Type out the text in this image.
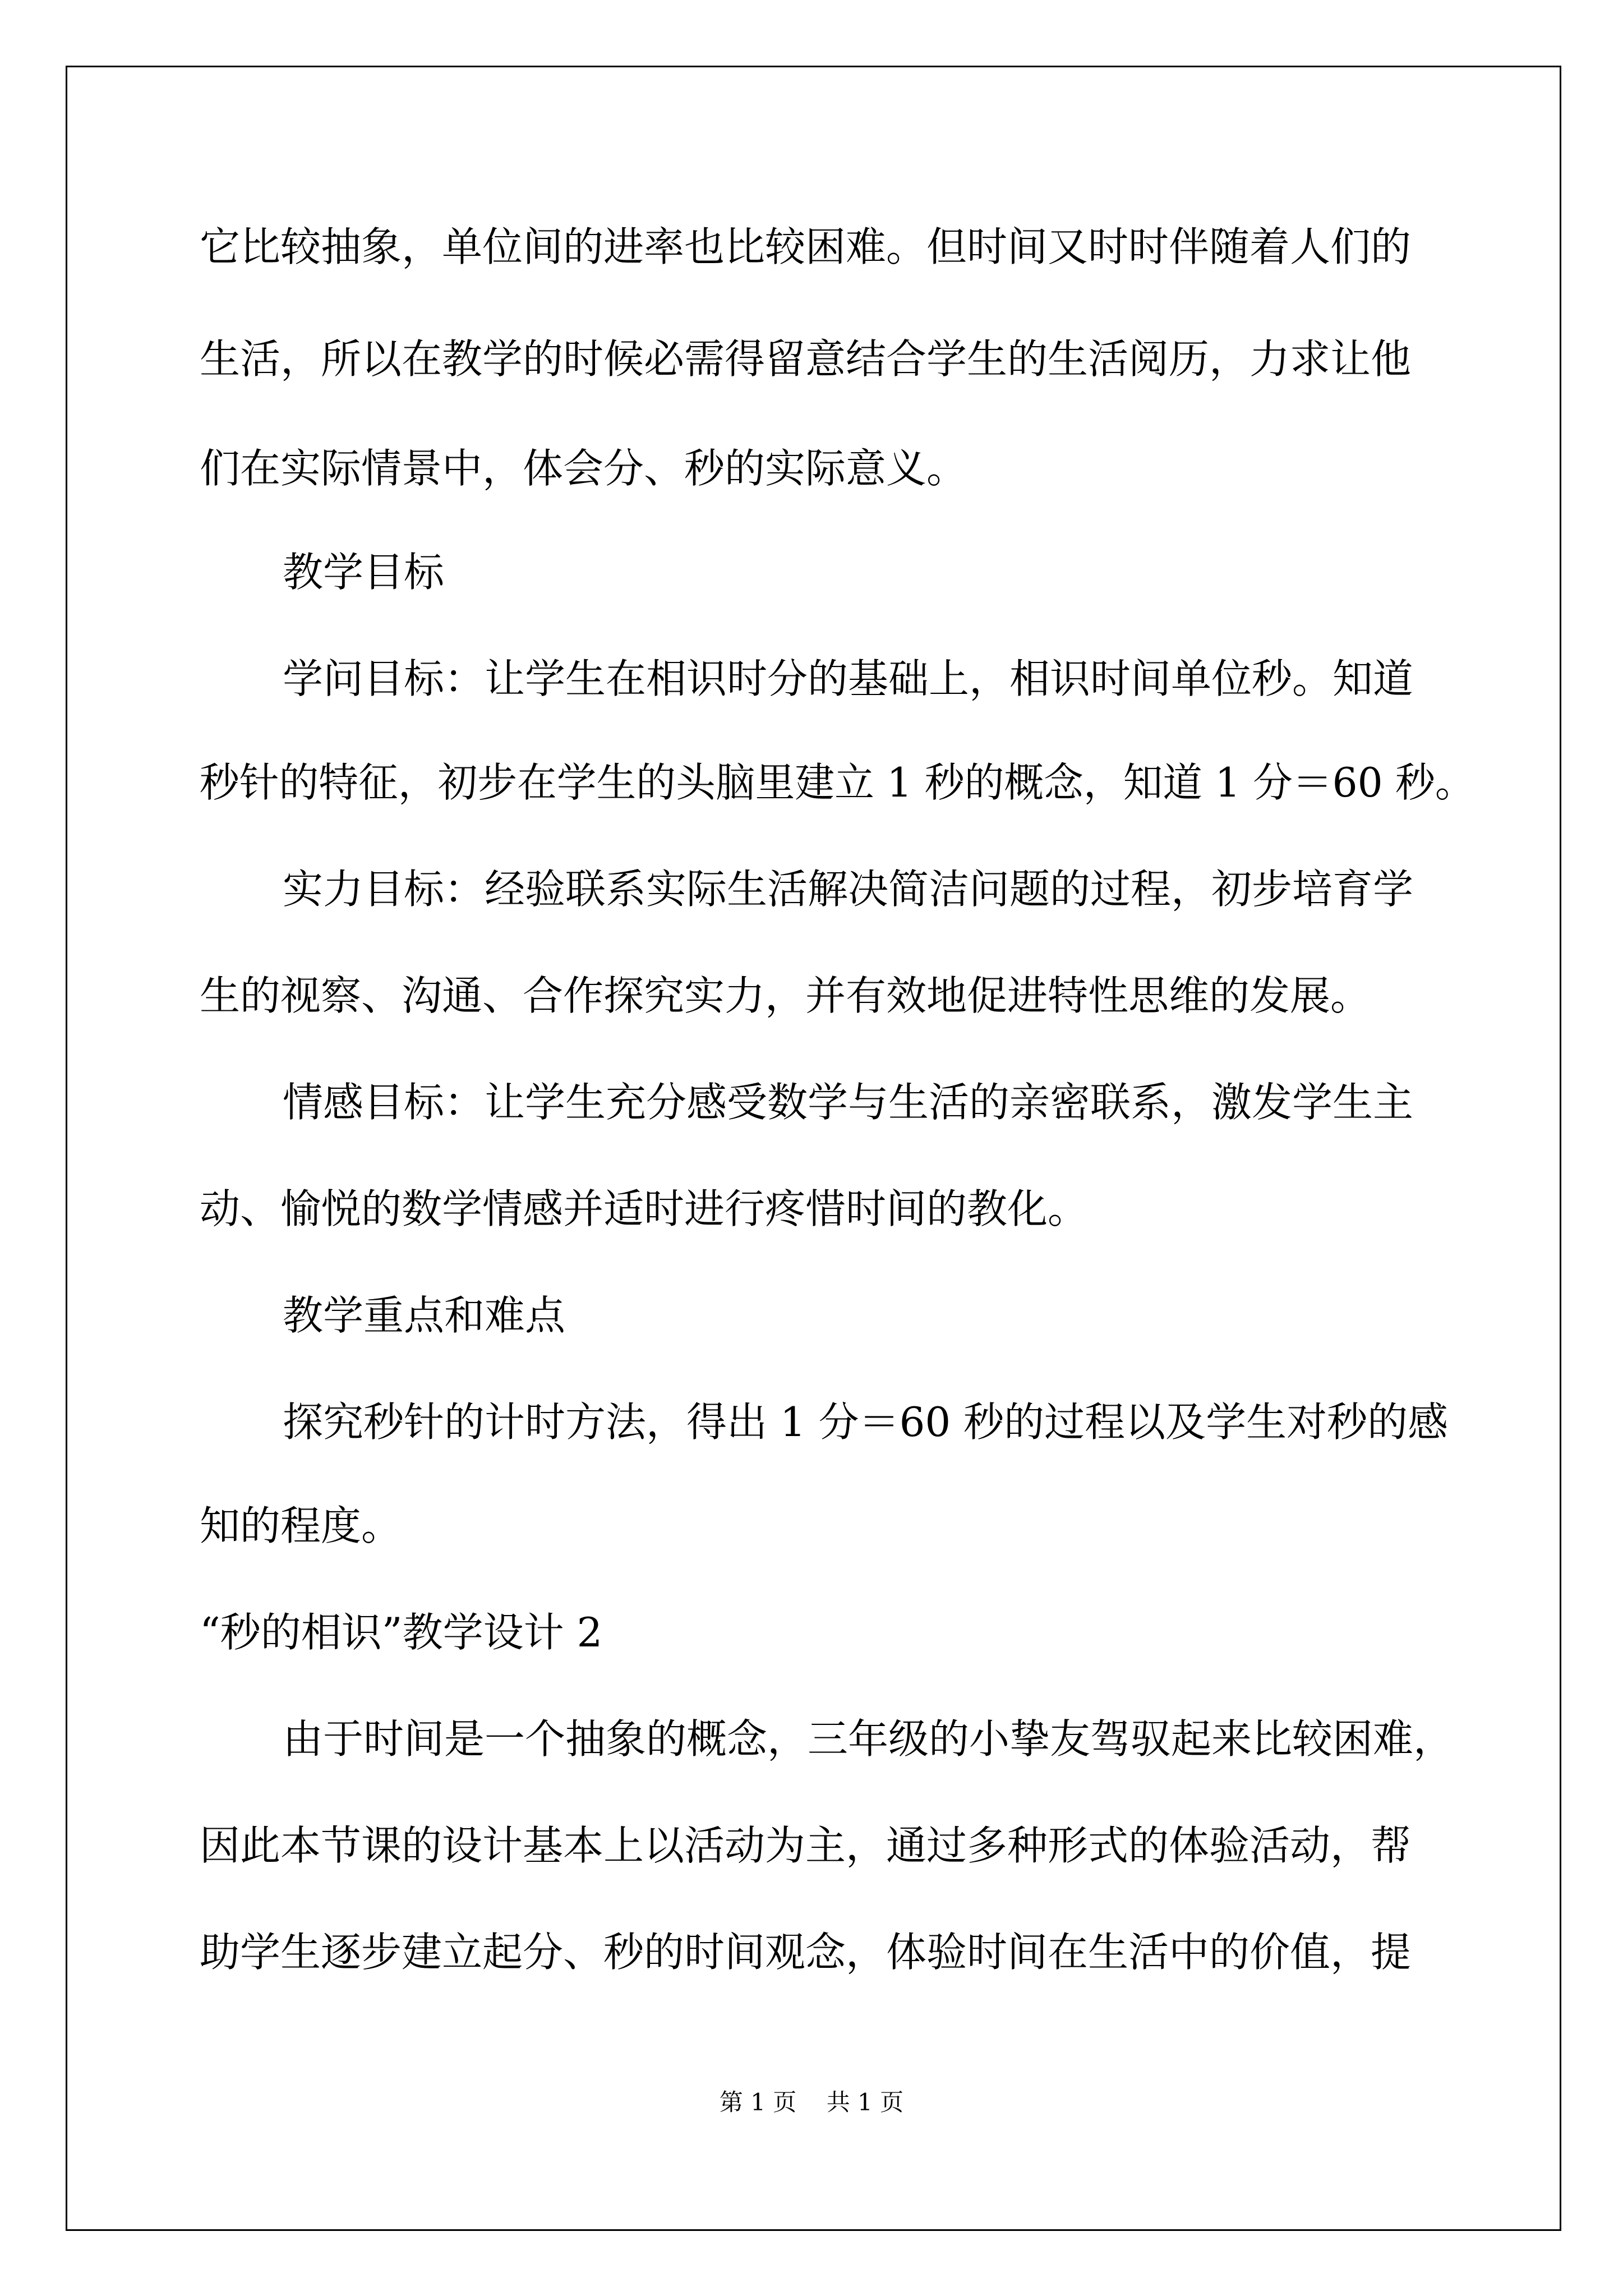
它比较抽象，单位间的进率也比较困难。但时间又时时伴随着人们的
生活，所以在教学的时候必需得留意结合学生的生活阅历，力求让他
们在实际情景中，体会分、秒的实际意义。
教学目标
学问目标：让学生在相识时分的基础上，相识时间单位秒。知道
秒针的特征，初步在学生的头脑里建立 1 秒的概念，知道 1 分＝60 秒。
实力目标：经验联系实际生活解决简洁问题的过程，初步培育学
生的视察、沟通、合作探究实力，并有效地促进特性思维的发展。
情感目标：让学生充分感受数学与生活的亲密联系，激发学生主
动、愉悦的数学情感并适时进行疼惜时间的教化。
教学重点和难点
探究秒针的计时方法，得出 1 分＝60 秒的过程以及学生对秒的感
知的程度。
“秒的相识”教学设计 2
由于时间是一个抽象的概念，三年级的小挚友驾驭起来比较困难，
因此本节课的设计基本上以活动为主，通过多种形式的体验活动，帮
助学生逐步建立起分、秒的时间观念，体验时间在生活中的价值，提
第 1 页    共 1 页
